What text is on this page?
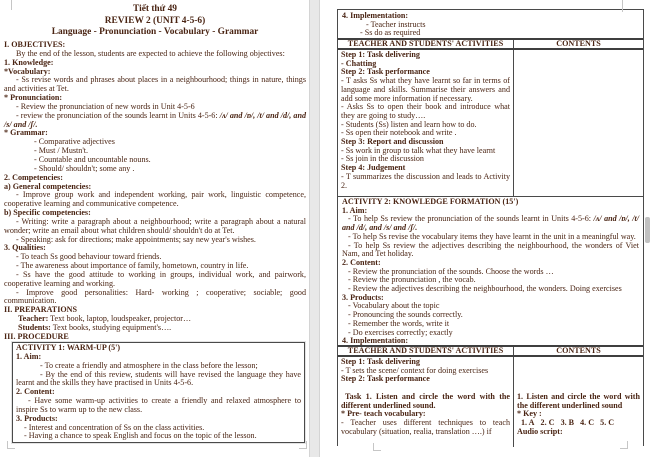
Tiết thứ 49
REVIEW 2 (UNIT 4-5-6)
Language - Pronunciation - Vocabulary - Grammar
I. OBJECTIVES:
By the end of the lesson, students are expected to achieve the following objectives:
1. Knowledge:
*Vocabulary:
- Ss revise words and phrases about places in a neighbourhood; things in nature, things and activities at Tet.
* Pronunciation:
- Review the pronunciation of new words in Unit 4-5-6
- review the pronunciation of the sounds learnt in Units 4-5-6: /ʌ/ and /ɒ/, /t/ and /d/, and /s/ and /ʃ/.
* Grammar:
- Comparative adjectives
- Must / Mustn't.
- Countable and uncountable nouns.
- Should/ shouldn't; some any .
2. Competencies:
a) General competencies:
- Improve group work and independent working, pair work, linguistic competence, cooperative learning and communicative competence.
b) Specific competencies:
- Writing: write a paragraph about a neighbourhood; write a paragraph about a natural wonder; write an email about what children should/ shouldn't do at Tet.
- Speaking: ask for directions; make appointments; say new year's wishes.
3. Qualities:
- To teach Ss good behaviour toward friends.
- The awareness about importance of family, hometown, country in life.
- Ss have the good attitude to working in groups, individual work, and pairwork, cooperative learning and working.
- Improve good personalities: Hard- working ; cooperative; sociable; good communication.
II. PREPARATIONS
Teacher: Text book, laptop, loudspeaker, projector…
Students: Text books, studying equipment's….
III. PROCEDURE
ACTIVITY 1: WARM-UP (5')
1. Aim:
- To create a friendly and atmosphere in the class before the lesson;
- By the end of this review, students will have revised the language they have learnt and the skills they have practised in Units 4-5-6.
2. Content:
- Have some warm-up activities to create a friendly and relaxed atmosphere to inspire Ss to warm up to the new class.
3. Products:
- Interest and concentration of Ss on the class activities.
- Having a chance to speak English and focus on the topic of the lesson.
4. Implementation:
- Teacher instructs
- Ss do as required
TEACHER AND STUDENTS' ACTIVITIES	CONTENTS
Step 1: Task delivering
- Chatting
Step 2: Task performance
- T asks Ss what they have learnt so far in terms of language and skills. Summarise their answers and add some more information if necessary.
- Asks Ss to open their book and introduce what they are going to study….
- Students (Ss) listen and learn how to do.
- Ss open their notebook and write .
Step 3: Report and discussion
- Ss work in group to talk what they have learnt
- Ss join in the discussion
Step 4: Judgement
- T summarizes the discussion and leads to Activity 2.
ACTIVITY 2: KNOWLEDGE FORMATION (15')
1. Aim:
- To help Ss review the pronunciation of the sounds learnt in Units 4-5-6: /ʌ/ and /ɒ/, /t/ and /d/, and /s/ and /ʃ/.
- To help Ss revise the vocabulary items they have learnt in the unit in a meaningful way.
- To help Ss review the adjectives describing the neighbourhood, the wonders of Viet Nam, and Tet holiday.
2. Content:
- Review the pronunciation of the sounds. Choose the words …
- Review the pronunciation , the vocab.
- Review the adjectives describing the neighbourhood, the wonders. Doing exercises
3. Products:
- Vocabulary about the topic
- Pronouncing the sounds correctly.
- Remember the words, write it
- Do exercises correctly; exactly
4. Implementation:
TEACHER AND STUDENTS' ACTIVITIES	CONTENTS
Step 1: Task delivering
- T sets the scene/ context for doing exercises
Step 2: Task performance

Task 1. Listen and circle the word with the different underlined sound.
* Pre- teach vocabulary:
- Teacher uses different techniques to teach vocabulary (situation, realia, translation ….) if
1. Listen and circle the word with the different underlined sound
* Key :
1. A   2. C   3. B   4. C   5. C
Audio script:
